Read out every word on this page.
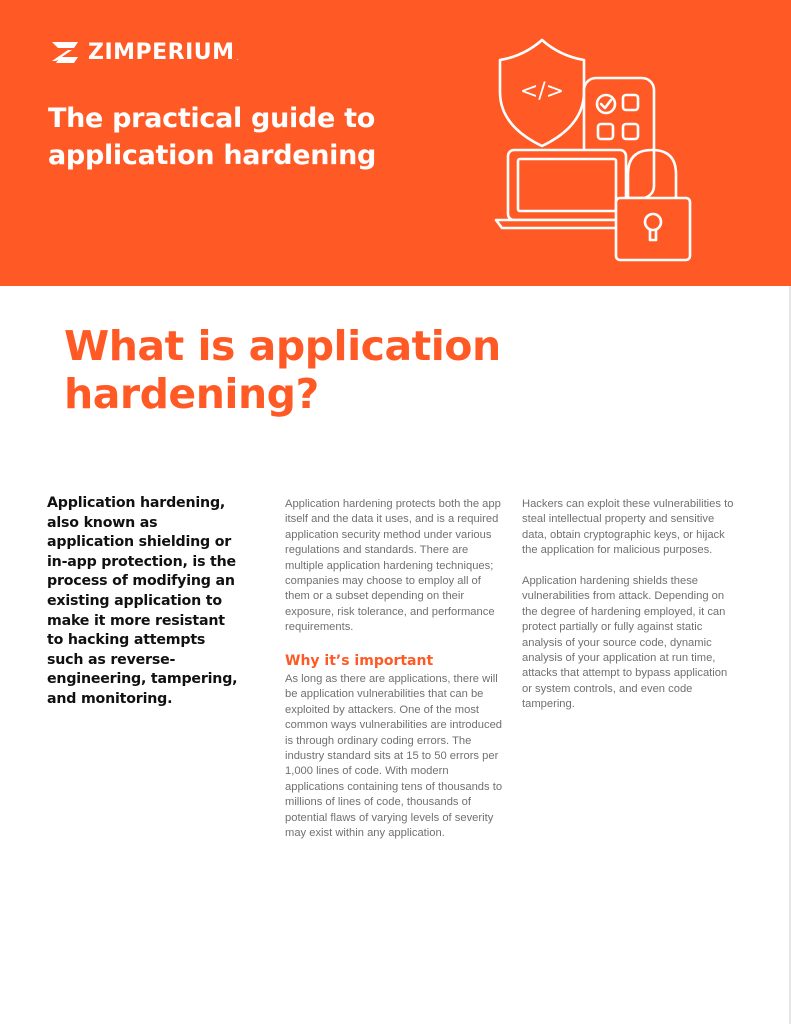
ZIMPERIUM .
The practical guide to application hardening
</>
What is application hardening?
Application hardening, also known as application shielding or in-app protection, is the process of modifying an existing application to make it more resistant to hacking attempts such as reverse-engineering, tampering, and monitoring.

Application hardening protects both the app itself and the data it uses, and is a required application security method under various regulations and standards. There are multiple application hardening techniques; companies may choose to employ all of them or a subset depending on their exposure, risk tolerance, and performance requirements.

Why it’s important

As long as there are applications, there will be application vulnerabilities that can be exploited by attackers. One of the most common ways vulnerabilities are introduced is through ordinary coding errors. The industry standard sits at 15 to 50 errors per 1,000 lines of code. With modern applications containing tens of thousands to millions of lines of code, thousands of potential flaws of varying levels of severity may exist within any application.

Hackers can exploit these vulnerabilities to steal intellectual property and sensitive data, obtain cryptographic keys, or hijack the application for malicious purposes.

Application hardening shields these vulnerabilities from attack. Depending on the degree of hardening employed, it can protect partially or fully against static analysis of your source code, dynamic analysis of your application at run time, attacks that attempt to bypass application or system controls, and even code tampering.
